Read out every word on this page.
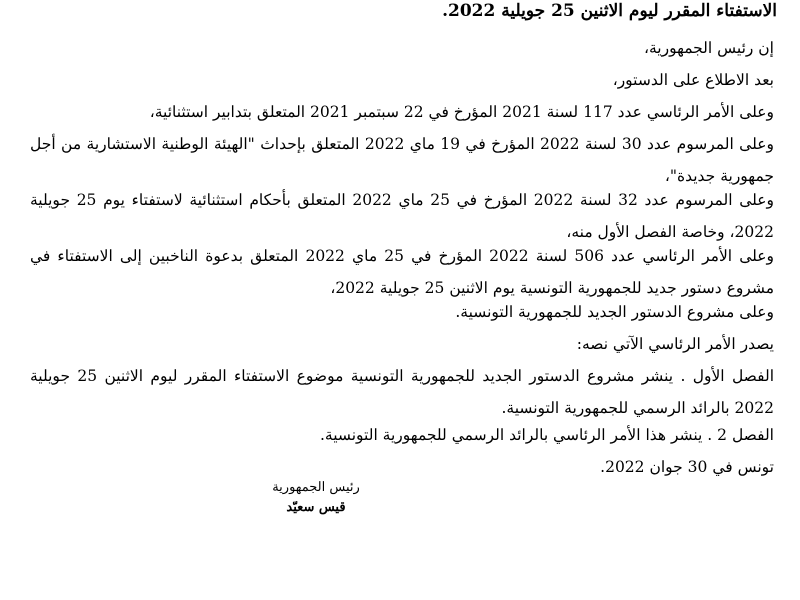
الاستفتاء المقرر ليوم الاثنين 25 جويلية 2022.

إن رئيس الجمهورية،

بعد الاطلاع على الدستور،

وعلى الأمر الرئاسي عدد 117 لسنة 2021 المؤرخ في 22 سبتمبر 2021 المتعلق بتدابير استثنائية،

وعلى المرسوم عدد 30 لسنة 2022 المؤرخ في 19 ماي 2022 المتعلق بإحداث "الهيئة الوطنية الاستشارية من أجل جمهورية جديدة"،

وعلى المرسوم عدد 32 لسنة 2022 المؤرخ في 25 ماي 2022 المتعلق بأحكام استثنائية لاستفتاء يوم 25 جويلية 2022، وخاصة الفصل الأول منه،

وعلى الأمر الرئاسي عدد 506 لسنة 2022 المؤرخ في 25 ماي 2022 المتعلق بدعوة الناخبين إلى الاستفتاء في مشروع دستور جديد للجمهورية التونسية يوم الاثنين 25 جويلية 2022،

وعلى مشروع الدستور الجديد للجمهورية التونسية.

يصدر الأمر الرئاسي الآتي نصه:

الفصل الأول . ينشر مشروع الدستور الجديد للجمهورية التونسية موضوع الاستفتاء المقرر ليوم الاثنين 25 جويلية 2022 بالرائد الرسمي للجمهورية التونسية.

الفصل 2 . ينشر هذا الأمر الرئاسي بالرائد الرسمي للجمهورية التونسية.

تونس في 30 جوان 2022.

رئيس الجمهورية
قيس سعيّد
